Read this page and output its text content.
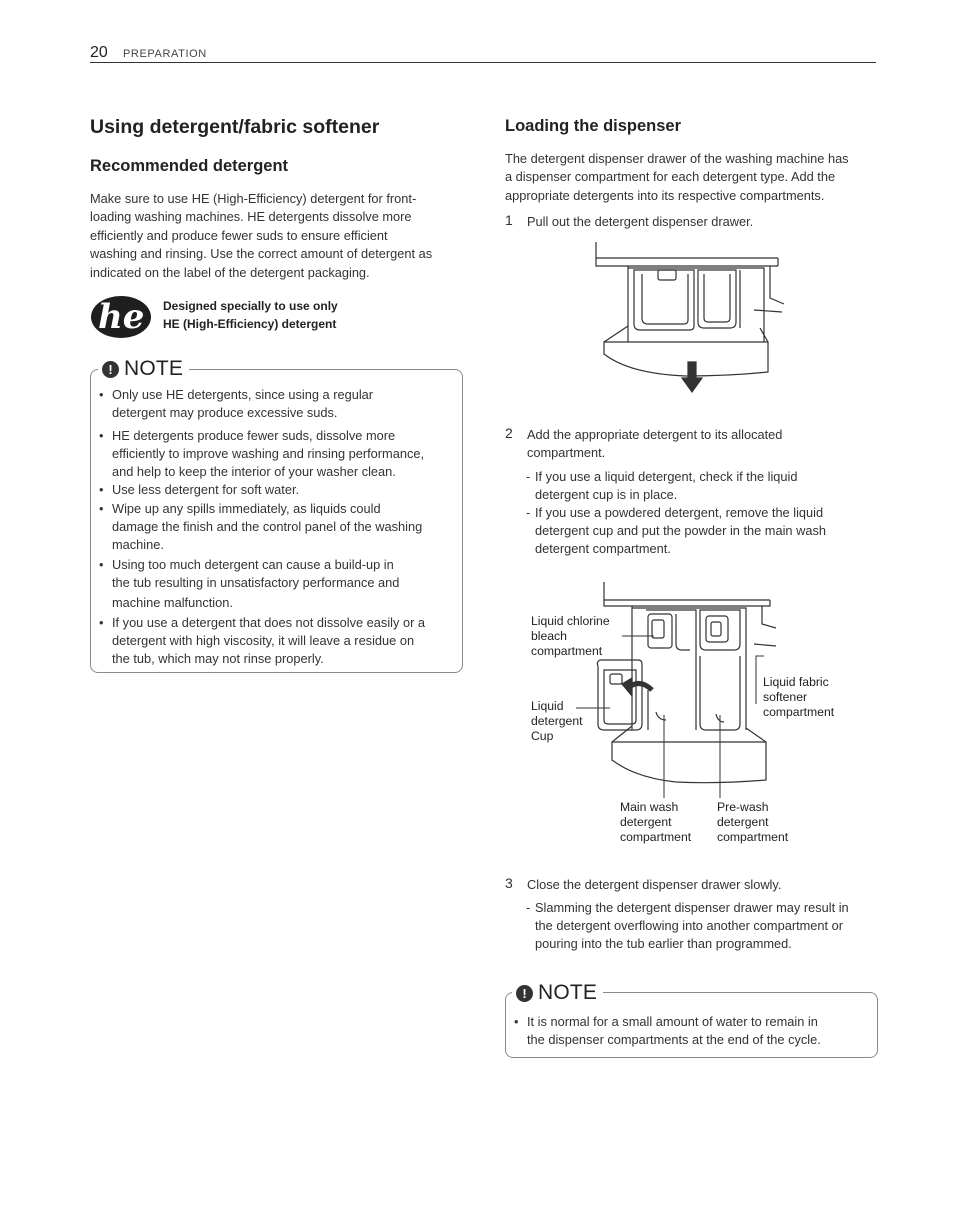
20 PREPARATION
Using detergent/fabric softener
Recommended detergent
Make sure to use HE (High-Efficiency) detergent for front-
loading washing machines. HE detergents dissolve more
efficiently and produce fewer suds to ensure efficient
washing and rinsing. Use the correct amount of detergent as
indicated on the label of the detergent packaging.
he Designed specially to use only
HE (High-Efficiency) detergent
! NOTE
• Only use HE detergents, since using a regular
detergent may produce excessive suds.
• HE detergents produce fewer suds, dissolve more
efficiently to improve washing and rinsing performance,
and help to keep the interior of your washer clean.
• Use less detergent for soft water.
• Wipe up any spills immediately, as liquids could
damage the finish and the control panel of the washing
machine.
• Using too much detergent can cause a build-up in
the tub resulting in unsatisfactory performance and
machine malfunction.
• If you use a detergent that does not dissolve easily or a
detergent with high viscosity, it will leave a residue on
the tub, which may not rinse properly.
Loading the dispenser
The detergent dispenser drawer of the washing machine has
a dispenser compartment for each detergent type. Add the
appropriate detergents into its respective compartments.
1 Pull out the detergent dispenser drawer.
2 Add the appropriate detergent to its allocated
compartment.
- If you use a liquid detergent, check if the liquid
detergent cup is in place.
- If you use a powdered detergent, remove the liquid
detergent cup and put the powder in the main wash
detergent compartment.
Liquid chlorine
bleach
compartment
Liquid
detergent
Cup
Liquid fabric
softener
compartment
Main wash
detergent
compartment
Pre-wash
detergent
compartment
3 Close the detergent dispenser drawer slowly.
- Slamming the detergent dispenser drawer may result in
the detergent overflowing into another compartment or
pouring into the tub earlier than programmed.
! NOTE
• It is normal for a small amount of water to remain in
the dispenser compartments at the end of the cycle.
